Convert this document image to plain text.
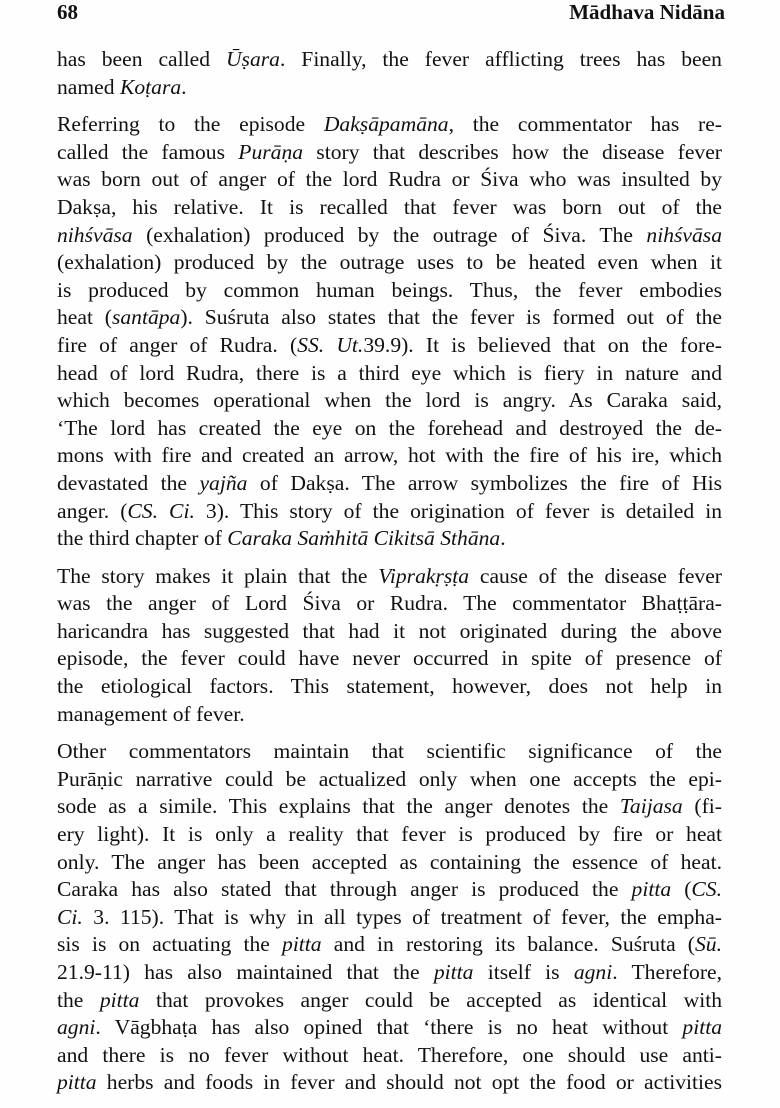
68	Mādhava Nidāna
has been called Ūṣara. Finally, the fever afflicting trees has been
named Koṭara.
Referring to the episode Dakṣāpamāna, the commentator has re-
called the famous Purāṇa story that describes how the disease fever
was born out of anger of the lord Rudra or Śiva who was insulted by
Dakṣa, his relative. It is recalled that fever was born out of the
nihśvāsa (exhalation) produced by the outrage of Śiva. The nihśvāsa
(exhalation) produced by the outrage uses to be heated even when it
is produced by common human beings. Thus, the fever embodies
heat (santāpa). Suśruta also states that the fever is formed out of the
fire of anger of Rudra. (SS. Ut.39.9). It is believed that on the fore-
head of lord Rudra, there is a third eye which is fiery in nature and
which becomes operational when the lord is angry. As Caraka said,
‘The lord has created the eye on the forehead and destroyed the de-
mons with fire and created an arrow, hot with the fire of his ire, which
devastated the yajña of Dakṣa. The arrow symbolizes the fire of His
anger. (CS. Ci. 3). This story of the origination of fever is detailed in
the third chapter of Caraka Saṁhitā Cikitsā Sthāna.
The story makes it plain that the Viprakṛṣṭa cause of the disease fever
was the anger of Lord Śiva or Rudra. The commentator Bhaṭṭāra-
haricandra has suggested that had it not originated during the above
episode, the fever could have never occurred in spite of presence of
the etiological factors. This statement, however, does not help in
management of fever.
Other commentators maintain that scientific significance of the
Purāṇic narrative could be actualized only when one accepts the epi-
sode as a simile. This explains that the anger denotes the Taijasa (fi-
ery light). It is only a reality that fever is produced by fire or heat
only. The anger has been accepted as containing the essence of heat.
Caraka has also stated that through anger is produced the pitta (CS.
Ci. 3. 115). That is why in all types of treatment of fever, the empha-
sis is on actuating the pitta and in restoring its balance. Suśruta (Sū.
21.9-11) has also maintained that the pitta itself is agni. Therefore,
the pitta that provokes anger could be accepted as identical with
agni. Vāgbhaṭa has also opined that ‘there is no heat without pitta
and there is no fever without heat. Therefore, one should use anti-
pitta herbs and foods in fever and should not opt the food or activities
